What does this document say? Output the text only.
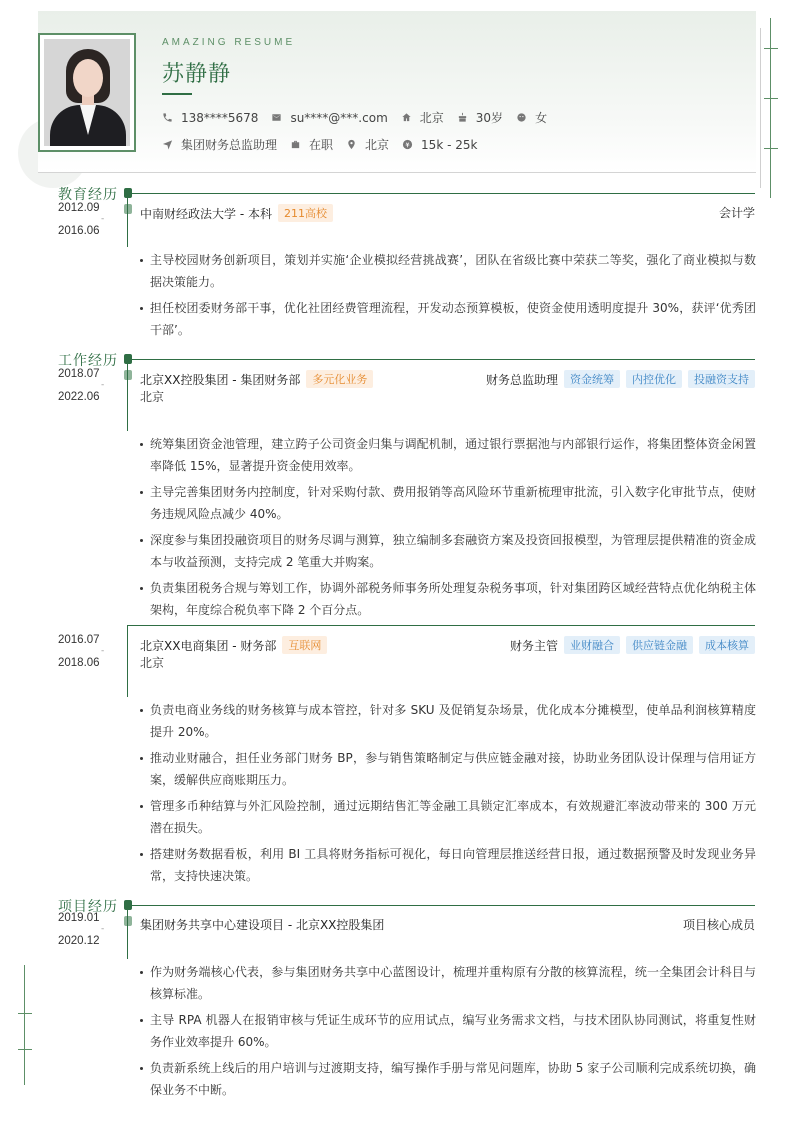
AMAZING RESUME
苏静静
138****5678	su****@***.com	北京	30岁	女
集团财务总监助理	在职	北京	15k - 25k
教育经历
2012.09
-
2016.06
中南财经政法大学 - 本科	211高校	会计学
主导校园财务创新项目，策划并实施‘企业模拟经营挑战赛’，团队在省级比赛中荣获二等奖，强化了商业模拟与数据决策能力。
担任校团委财务部干事，优化社团经费管理流程，开发动态预算模板，使资金使用透明度提升 30%，获评‘优秀团干部’。
工作经历
2018.07
-
2022.06
北京XX控股集团 - 集团财务部	多元化业务	财务总监助理	资金统筹	内控优化	投融资支持
北京
统筹集团资金池管理，建立跨子公司资金归集与调配机制，通过银行票据池与内部银行运作，将集团整体资金闲置率降低 15%，显著提升资金使用效率。
主导完善集团财务内控制度，针对采购付款、费用报销等高风险环节重新梳理审批流，引入数字化审批节点，使财务违规风险点减少 40%。
深度参与集团投融资项目的财务尽调与测算，独立编制多套融资方案及投资回报模型，为管理层提供精准的资金成本与收益预测，支持完成 2 笔重大并购案。
负责集团税务合规与筹划工作，协调外部税务师事务所处理复杂税务事项，针对集团跨区域经营特点优化纳税主体架构，年度综合税负率下降 2 个百分点。
2016.07
-
2018.06
北京XX电商集团 - 财务部	互联网	财务主管	业财融合	供应链金融	成本核算
北京
负责电商业务线的财务核算与成本管控，针对多 SKU 及促销复杂场景，优化成本分摊模型，使单品利润核算精度提升 20%。
推动业财融合，担任业务部门财务 BP，参与销售策略制定与供应链金融对接，协助业务团队设计保理与信用证方案，缓解供应商账期压力。
管理多币种结算与外汇风险控制，通过远期结售汇等金融工具锁定汇率成本，有效规避汇率波动带来的 300 万元潜在损失。
搭建财务数据看板，利用 BI 工具将财务指标可视化，每日向管理层推送经营日报，通过数据预警及时发现业务异常，支持快速决策。
项目经历
2019.01
-
2020.12
集团财务共享中心建设项目 - 北京XX控股集团	项目核心成员
作为财务端核心代表，参与集团财务共享中心蓝图设计，梳理并重构原有分散的核算流程，统一全集团会计科目与核算标准。
主导 RPA 机器人在报销审核与凭证生成环节的应用试点，编写业务需求文档，与技术团队协同测试，将重复性财务作业效率提升 60%。
负责新系统上线后的用户培训与过渡期支持，编写操作手册与常见问题库，协助 5 家子公司顺利完成系统切换，确保业务不中断。
